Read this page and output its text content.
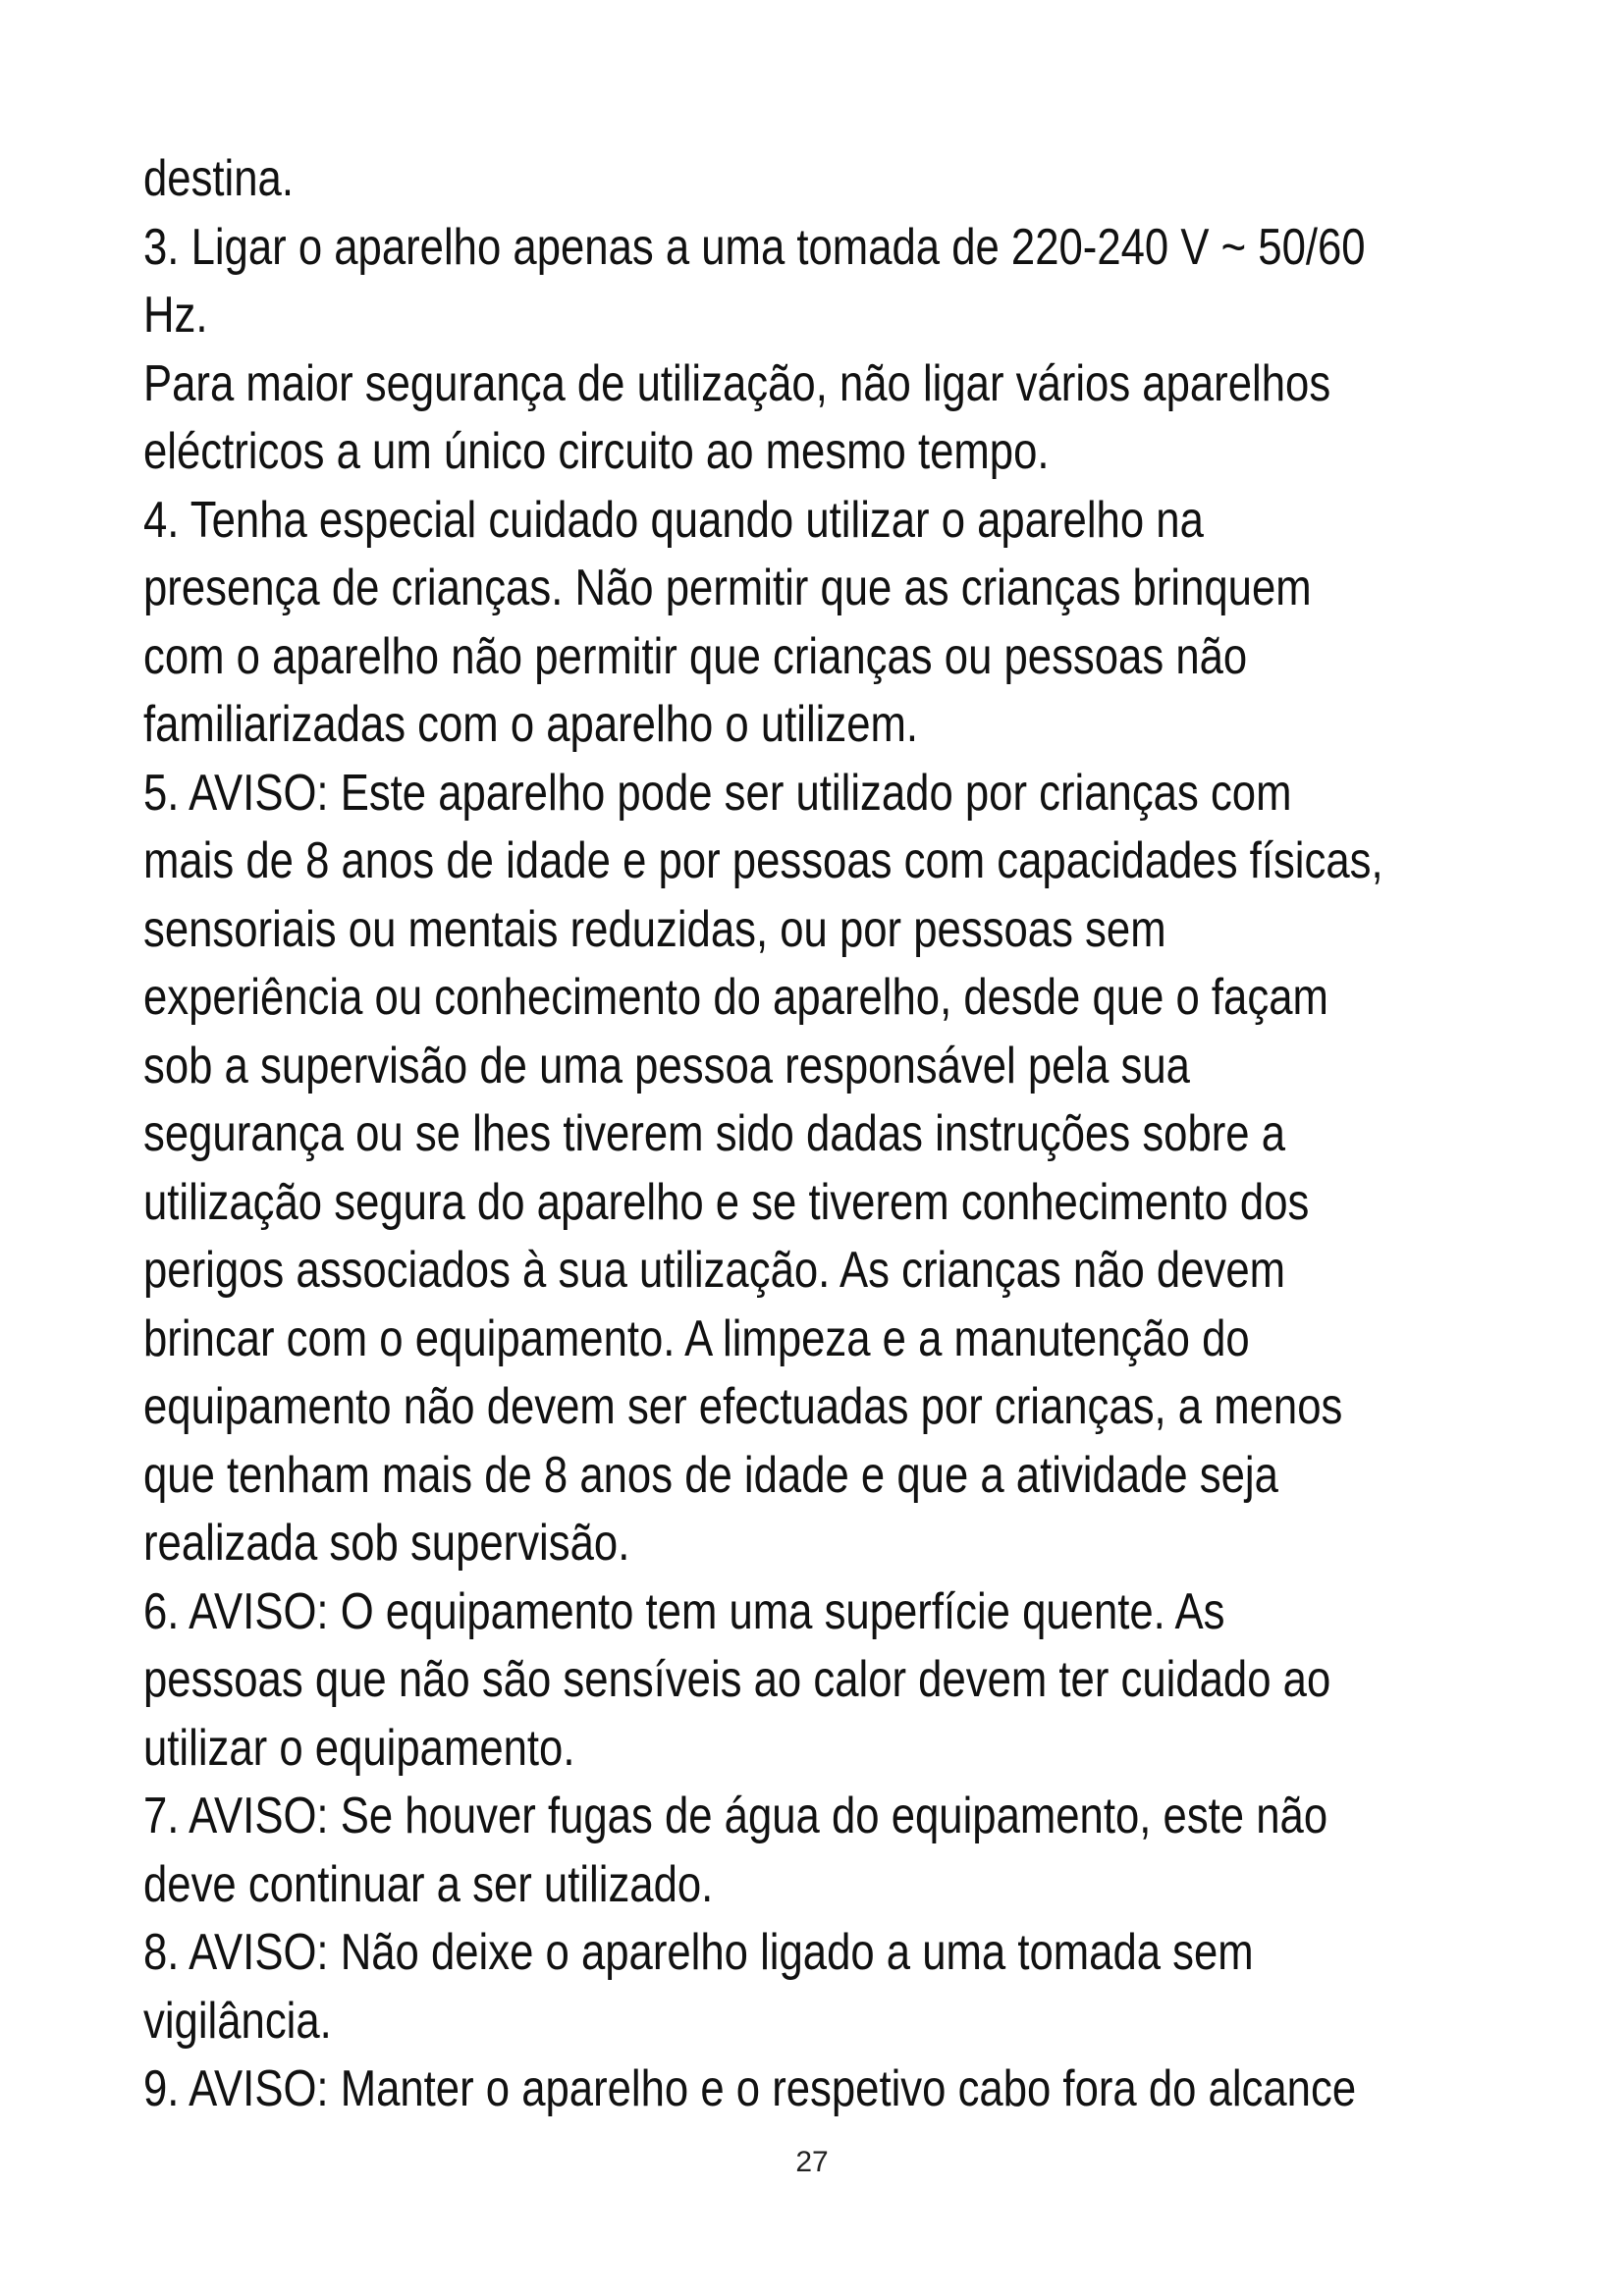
destina.
3. Ligar o aparelho apenas a uma tomada de 220-240 V ~ 50/60
Hz.
Para maior segurança de utilização, não ligar vários aparelhos
eléctricos a um único circuito ao mesmo tempo.
4. Tenha especial cuidado quando utilizar o aparelho na
presença de crianças. Não permitir que as crianças brinquem
com o aparelho não permitir que crianças ou pessoas não
familiarizadas com o aparelho o utilizem.
5. AVISO: Este aparelho pode ser utilizado por crianças com
mais de 8 anos de idade e por pessoas com capacidades físicas,
sensoriais ou mentais reduzidas, ou por pessoas sem
experiência ou conhecimento do aparelho, desde que o façam
sob a supervisão de uma pessoa responsável pela sua
segurança ou se lhes tiverem sido dadas instruções sobre a
utilização segura do aparelho e se tiverem conhecimento dos
perigos associados à sua utilização. As crianças não devem
brincar com o equipamento. A limpeza e a manutenção do
equipamento não devem ser efectuadas por crianças, a menos
que tenham mais de 8 anos de idade e que a atividade seja
realizada sob supervisão.
6. AVISO: O equipamento tem uma superfície quente. As
pessoas que não são sensíveis ao calor devem ter cuidado ao
utilizar o equipamento.
7. AVISO: Se houver fugas de água do equipamento, este não
deve continuar a ser utilizado.
8. AVISO: Não deixe o aparelho ligado a uma tomada sem
vigilância.
9. AVISO: Manter o aparelho e o respetivo cabo fora do alcance
27
